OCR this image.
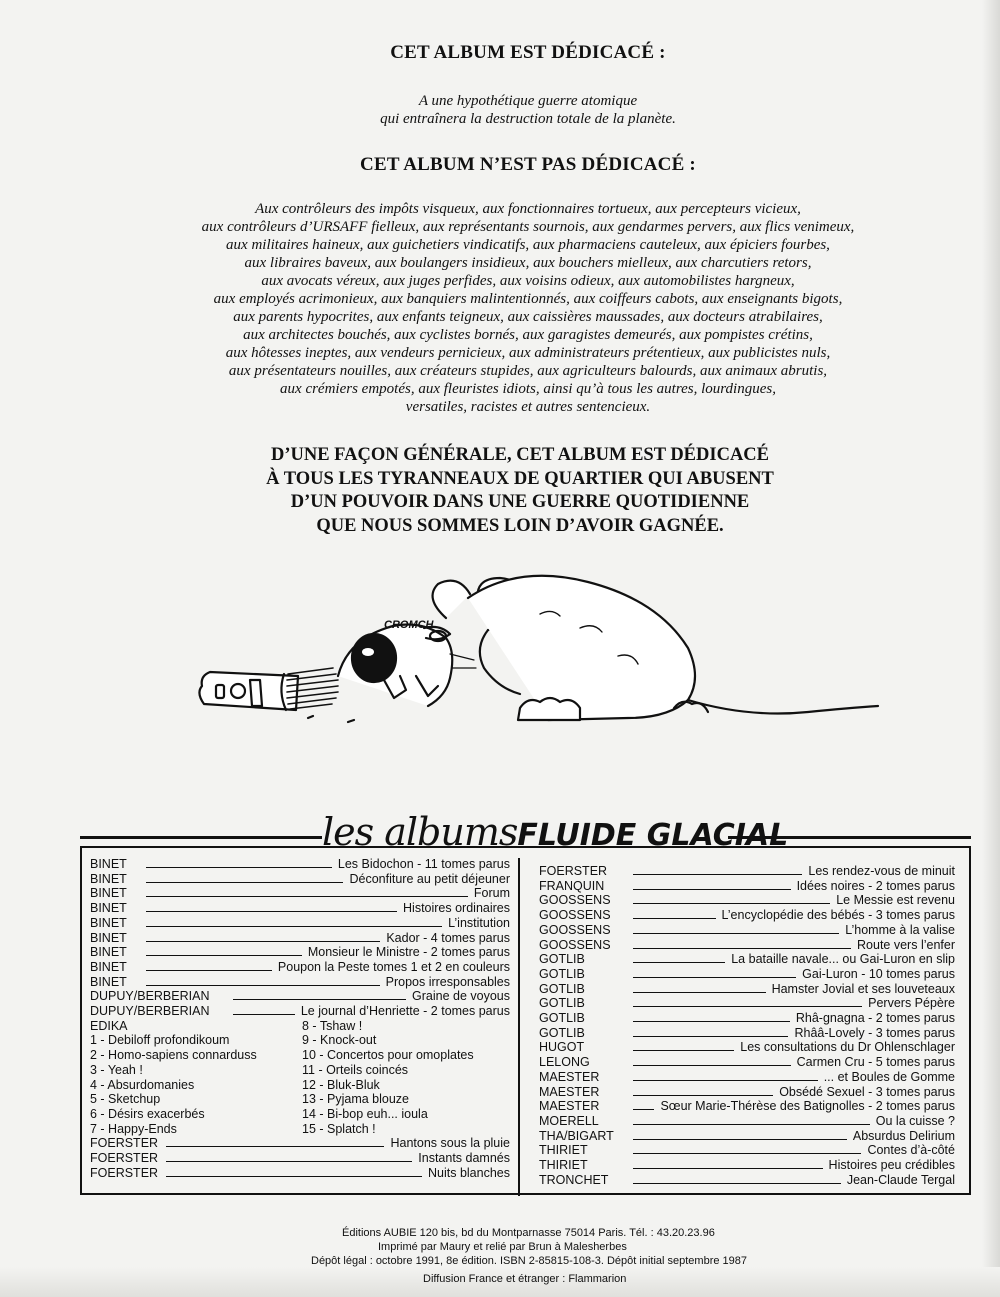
CET ALBUM EST DÉDICACÉ :
A une hypothétique guerre atomique
qui entraînera la destruction totale de la planète.
CET ALBUM N’EST PAS DÉDICACÉ :
Aux contrôleurs des impôts visqueux, aux fonctionnaires tortueux, aux percepteurs vicieux,
aux contrôleurs d’URSAFF fielleux, aux représentants sournois, aux gendarmes pervers, aux flics venimeux,
aux militaires haineux, aux guichetiers vindicatifs, aux pharmaciens cauteleux, aux épiciers fourbes,
aux libraires baveux, aux boulangers insidieux, aux bouchers mielleux, aux charcutiers retors,
aux avocats véreux, aux juges perfides, aux voisins odieux, aux automobilistes hargneux,
aux employés acrimonieux, aux banquiers malintentionnés, aux coiffeurs cabots, aux enseignants bigots,
aux parents hypocrites, aux enfants teigneux, aux caissières maussades, aux docteurs atrabilaires,
aux architectes bouchés, aux cyclistes bornés, aux garagistes demeurés, aux pompistes crétins,
aux hôtesses ineptes, aux vendeurs pernicieux, aux administrateurs prétentieux, aux publicistes nuls,
aux présentateurs nouilles, aux créateurs stupides, aux agriculteurs balourds, aux animaux abrutis,
aux crémiers empotés, aux fleuristes idiots, ainsi qu’à tous les autres, lourdingues,
versatiles, racistes et autres sentencieux.
D’UNE FAÇON GÉNÉRALE, CET ALBUM EST DÉDICACÉ
À TOUS LES TYRANNEAUX DE QUARTIER QUI ABUSENT
D’UN POUVOIR DANS UNE GUERRE QUOTIDIENNE
QUE NOUS SOMMES LOIN D’AVOIR GAGNÉE.
CROMCH
les albumsFLUIDE GLACIAL
BINET	Les Bidochon - 11 tomes parus
BINET	Déconfiture au petit déjeuner
BINET	Forum
BINET	Histoires ordinaires
BINET	L’institution
BINET	Kador - 4 tomes parus
BINET	Monsieur le Ministre - 2 tomes parus
BINET	Poupon la Peste tomes 1 et 2 en couleurs
BINET	Propos irresponsables
DUPUY/BERBERIAN	Graine de voyous
DUPUY/BERBERIAN	Le journal d’Henriette - 2 tomes parus
EDIKA
1 - Debiloff profondikoum
2 - Homo-sapiens connarduss
3 - Yeah !
4 - Absurdomanies
5 - Sketchup
6 - Désirs exacerbés
7 - Happy-Ends
8 - Tshaw !
9 - Knock-out
10 - Concertos pour omoplates
11 - Orteils coincés
12 - Bluk-Bluk
13 - Pyjama blouze
14 - Bi-bop euh... ioula
15 - Splatch !
FOERSTER	Hantons sous la pluie
FOERSTER	Instants damnés
FOERSTER	Nuits blanches
FOERSTER	Les rendez-vous de minuit
FRANQUIN	Idées noires - 2 tomes parus
GOOSSENS	Le Messie est revenu
GOOSSENS	L’encyclopédie des bébés - 3 tomes parus
GOOSSENS	L’homme à la valise
GOOSSENS	Route vers l’enfer
GOTLIB	La bataille navale... ou Gai-Luron en slip
GOTLIB	Gai-Luron - 10 tomes parus
GOTLIB	Hamster Jovial et ses louveteaux
GOTLIB	Pervers Pépère
GOTLIB	Rhâ-gnagna - 2 tomes parus
GOTLIB	Rhââ-Lovely - 3 tomes parus
HUGOT	Les consultations du Dr Ohlenschlager
LELONG	Carmen Cru - 5 tomes parus
MAESTER	... et Boules de Gomme
MAESTER	Obsédé Sexuel - 3 tomes parus
MAESTER	Sœur Marie-Thérèse des Batignolles - 2 tomes parus
MOERELL	Ou la cuisse ?
THA/BIGART	Absurdus Delirium
THIRIET	Contes d’à-côté
THIRIET	Histoires peu crédibles
TRONCHET	Jean-Claude Tergal
Éditions AUBIE 120 bis, bd du Montparnasse 75014 Paris. Tél. : 43.20.23.96
Imprimé par Maury et relié par Brun à Malesherbes
Dépôt légal : octobre 1991, 8e édition. ISBN 2-85815-108-3. Dépôt initial septembre 1987
Diffusion France et étranger : Flammarion
